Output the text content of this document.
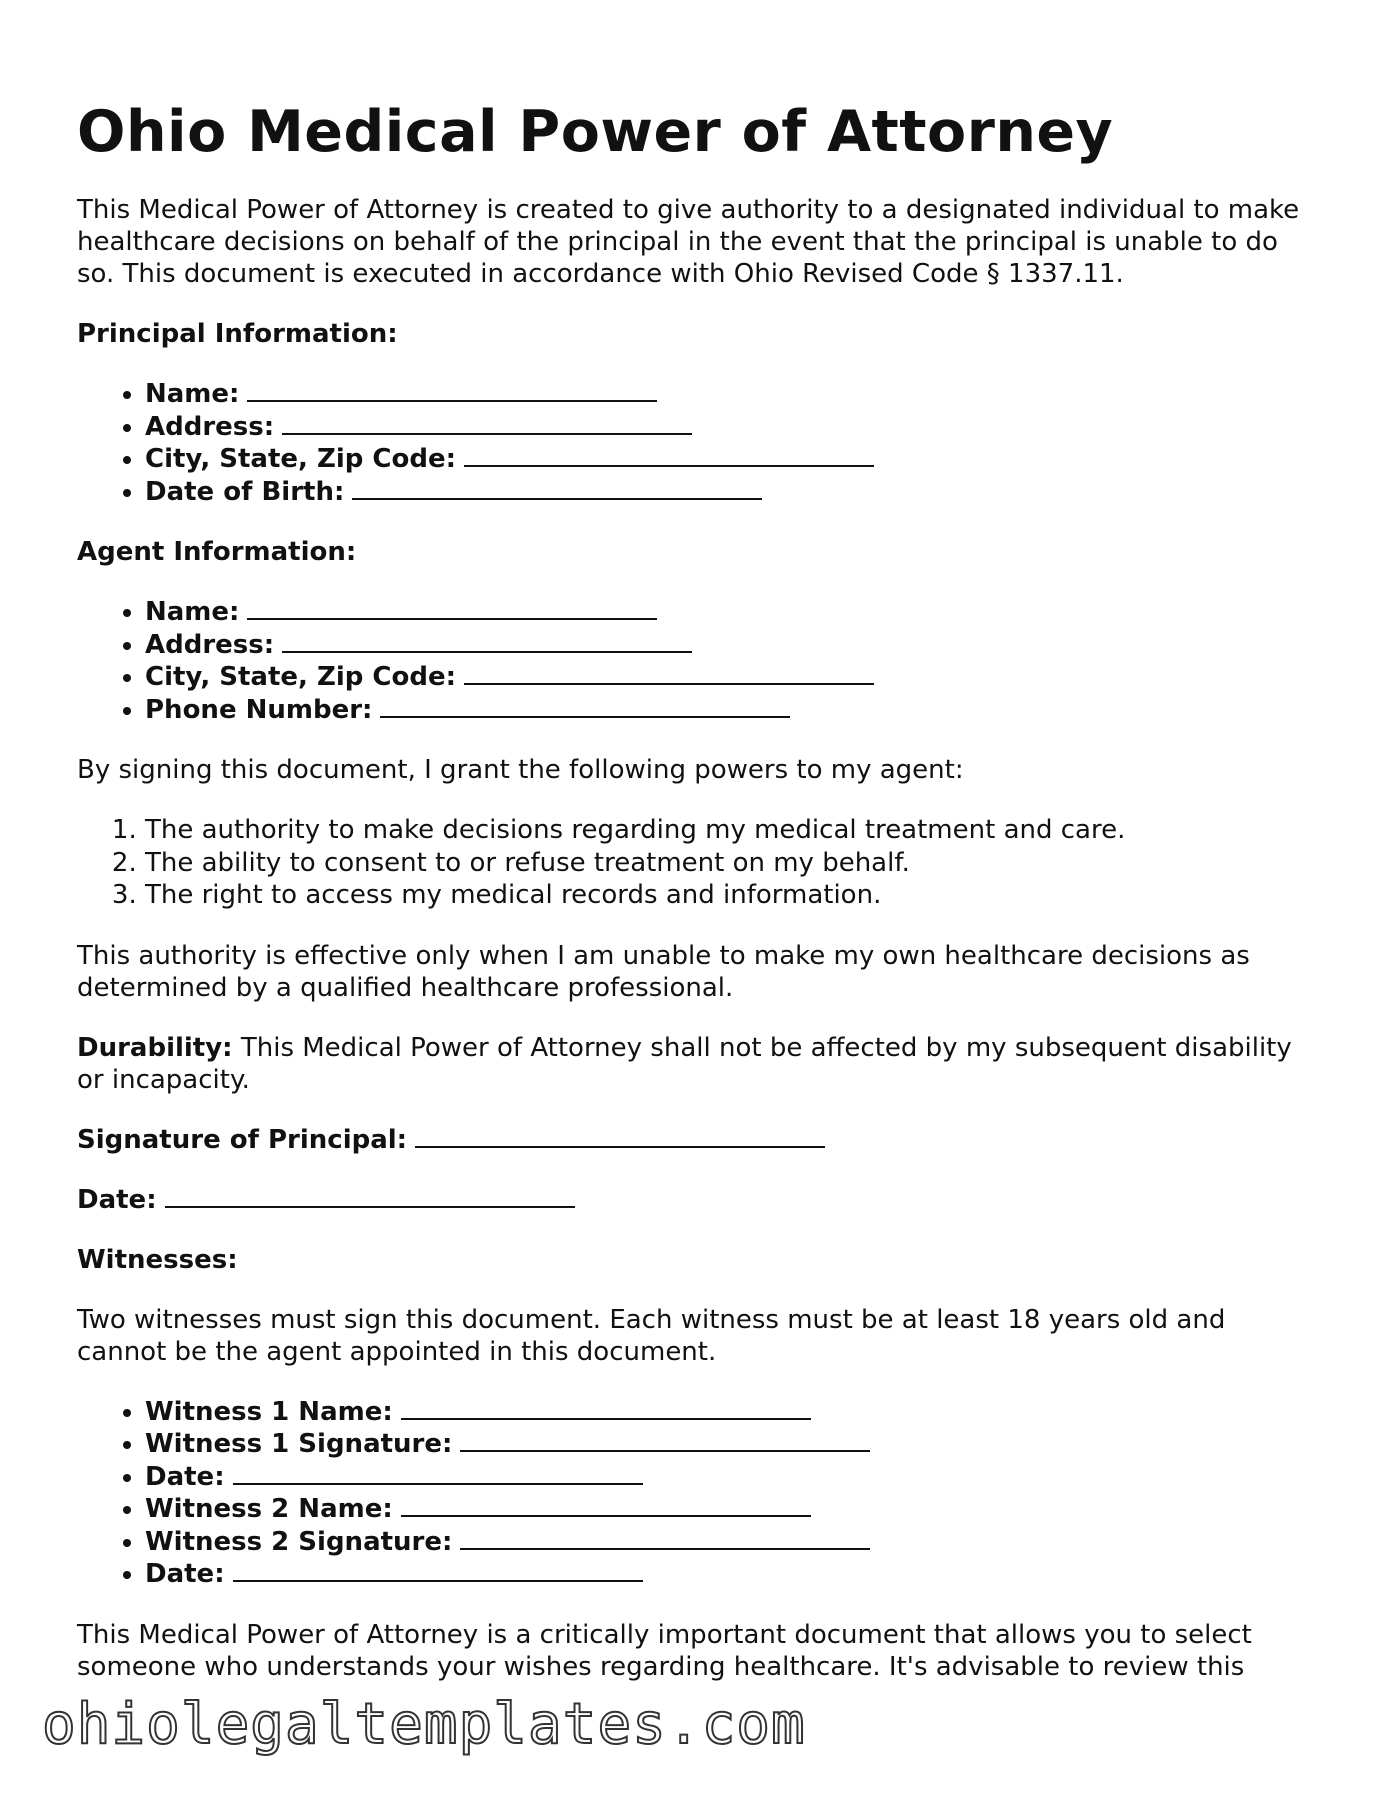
Ohio Medical Power of Attorney

This Medical Power of Attorney is created to give authority to a designated individual to make healthcare decisions on behalf of the principal in the event that the principal is unable to do so. This document is executed in accordance with Ohio Revised Code § 1337.11.

Principal Information:

• Name:
• Address:
• City, State, Zip Code:
• Date of Birth:

Agent Information:

• Name:
• Address:
• City, State, Zip Code:
• Phone Number:

By signing this document, I grant the following powers to my agent:

1. The authority to make decisions regarding my medical treatment and care.
2. The ability to consent to or refuse treatment on my behalf.
3. The right to access my medical records and information.

This authority is effective only when I am unable to make my own healthcare decisions as determined by a qualified healthcare professional.

Durability: This Medical Power of Attorney shall not be affected by my subsequent disability or incapacity.

Signature of Principal:

Date:

Witnesses:

Two witnesses must sign this document. Each witness must be at least 18 years old and cannot be the agent appointed in this document.

• Witness 1 Name:
• Witness 1 Signature:
• Date:
• Witness 2 Name:
• Witness 2 Signature:
• Date:

This Medical Power of Attorney is a critically important document that allows you to select someone who understands your wishes regarding healthcare. It's advisable to review this

ohiolegaltemplates.com
